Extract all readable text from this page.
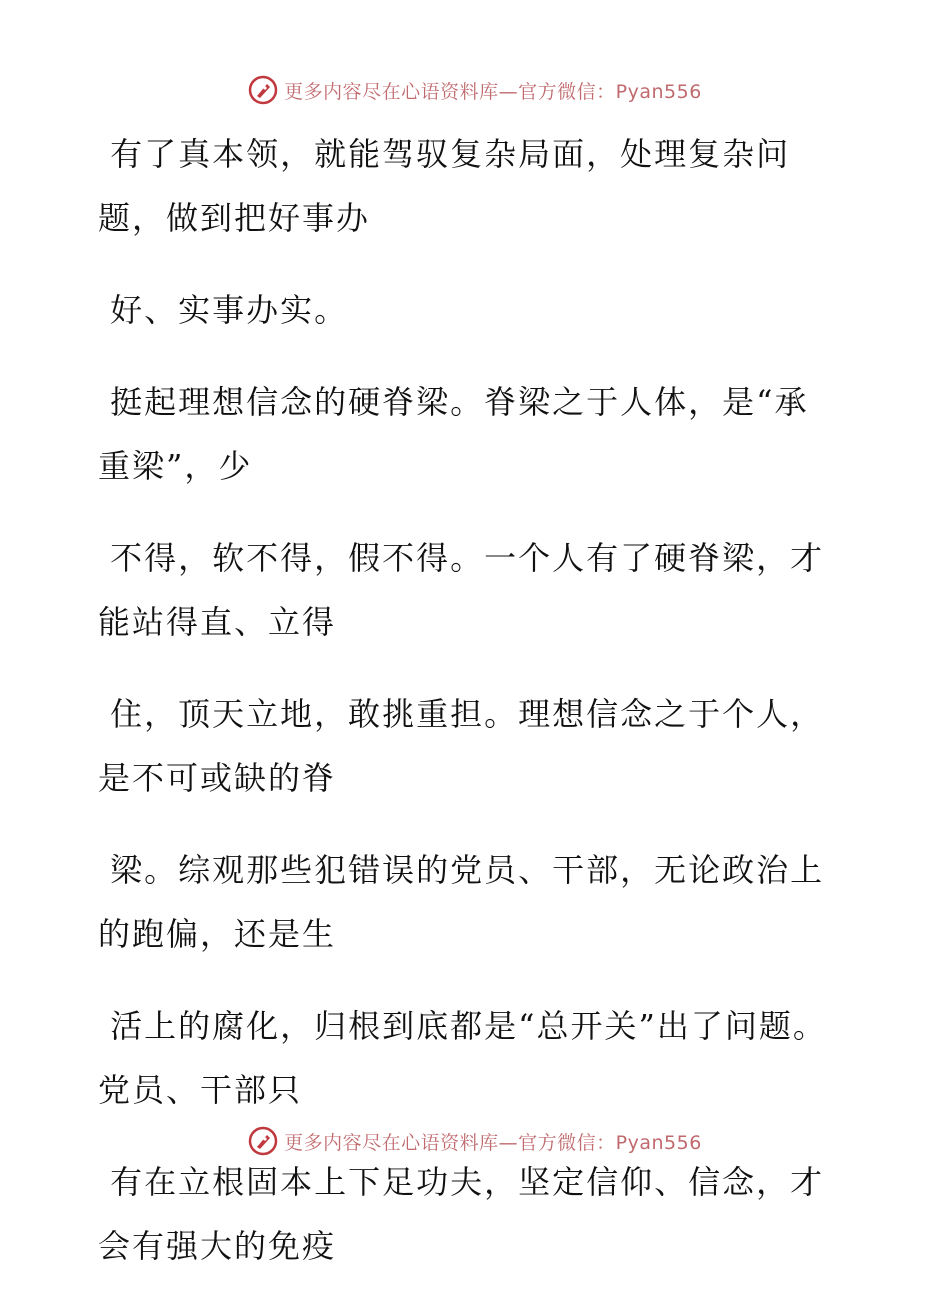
更多内容尽在心语资料库—官方微信：Pyan556

有了真本领，就能驾驭复杂局面，处理复杂问题，做到把好事办

好、实事办实。

挺起理想信念的硬脊梁。脊梁之于人体，是“承重梁”，少

不得，软不得，假不得。一个人有了硬脊梁，才能站得直、立得

住，顶天立地，敢挑重担。理想信念之于个人，是不可或缺的脊

梁。综观那些犯错误的党员、干部，无论政治上的跑偏，还是生

活上的腐化，归根到底都是“总开关”出了问题。党员、干部只

有在立根固本上下足功夫，坚定信仰、信念，才会有强大的免疫

更多内容尽在心语资料库—官方微信：Pyan556
